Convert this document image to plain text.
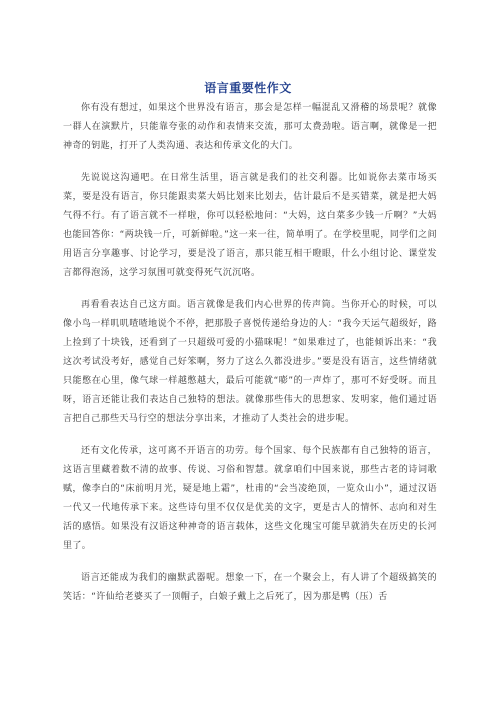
语言重要性作文

你有没有想过，如果这个世界没有语言，那会是怎样一幅混乱又滑稽的场景呢？就像一群人在演默片，只能靠夸张的动作和表情来交流，那可太费劲啦。语言啊，就像是一把神奇的钥匙，打开了人类沟通、表达和传承文化的大门。

先说说这沟通吧。在日常生活里，语言就是我们的社交利器。比如说你去菜市场买菜，要是没有语言，你只能跟卖菜大妈比划来比划去，估计最后不是买错菜，就是把大妈气得不行。有了语言就不一样啦，你可以轻松地问：“大妈，这白菜多少钱一斤啊？”大妈也能回答你：“两块钱一斤，可新鲜啦。”这一来一往，简单明了。在学校里呢，同学们之间用语言分享趣事、讨论学习，要是没了语言，那只能互相干瞪眼，什么小组讨论、课堂发言都得泡汤，这学习氛围可就变得死气沉沉咯。

再看看表达自己这方面。语言就像是我们内心世界的传声筒。当你开心的时候，可以像小鸟一样叽叽喳喳地说个不停，把那股子喜悦传递给身边的人：“我今天运气超级好，路上捡到了十块钱，还看到了一只超级可爱的小猫咪呢！”如果难过了，也能倾诉出来：“我这次考试没考好，感觉自己好笨啊，努力了这么久都没进步。”要是没有语言，这些情绪就只能憋在心里，像气球一样越憋越大，最后可能就“嘭”的一声炸了，那可不好受呀。而且呀，语言还能让我们表达自己独特的想法。就像那些伟大的思想家、发明家，他们通过语言把自己那些天马行空的想法分享出来，才推动了人类社会的进步呢。

还有文化传承，这可离不开语言的功劳。每个国家、每个民族都有自己独特的语言，这语言里藏着数不清的故事、传说、习俗和智慧。就拿咱们中国来说，那些古老的诗词歌赋，像李白的“床前明月光，疑是地上霜”，杜甫的“会当凌绝顶，一览众山小”，通过汉语一代又一代地传承下来。这些诗句里不仅仅是优美的文字，更是古人的情怀、志向和对生活的感悟。如果没有汉语这种神奇的语言载体，这些文化瑰宝可能早就消失在历史的长河里了。

语言还能成为我们的幽默武器呢。想象一下，在一个聚会上，有人讲了个超级搞笑的笑话：“许仙给老婆买了一顶帽子，白娘子戴上之后死了，因为那是鸭（压）舌
